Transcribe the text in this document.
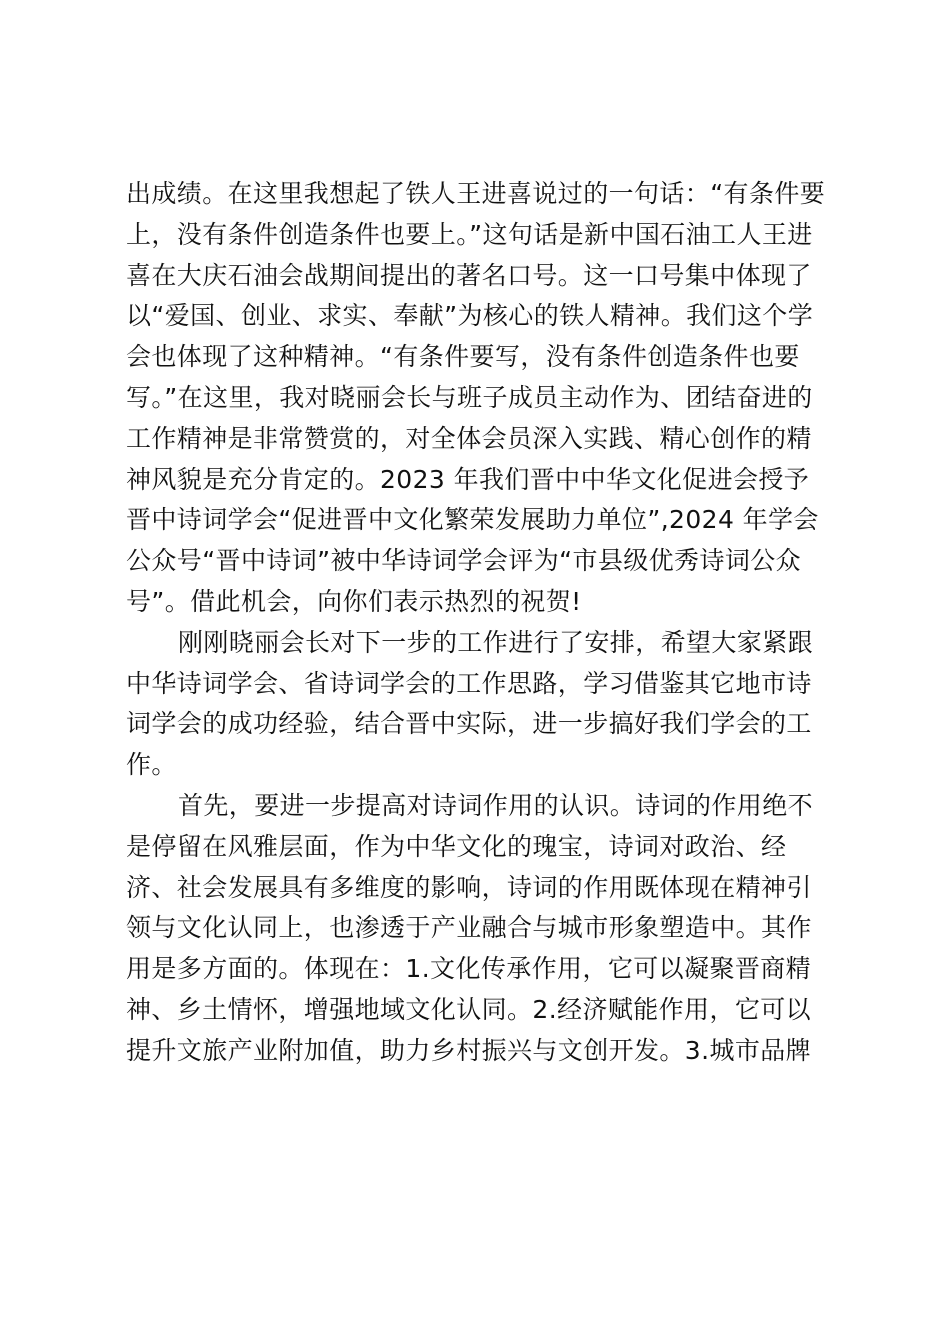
出成绩。在这里我想起了铁人王进喜说过的一句话：“有条件要
上，没有条件创造条件也要上。”这句话是新中国石油工人王进
喜在大庆石油会战期间提出的著名口号。这一口号集中体现了
以“爱国、创业、求实、奉献”为核心的铁人精神。我们这个学
会也体现了这种精神。“有条件要写，没有条件创造条件也要
写。”在这里，我对晓丽会长与班子成员主动作为、团结奋进的
工作精神是非常赞赏的，对全体会员深入实践、精心创作的精
神风貌是充分肯定的。2023 年我们晋中中华文化促进会授予
晋中诗词学会“促进晋中文化繁荣发展助力单位”,2024 年学会
公众号“晋中诗词”被中华诗词学会评为“市县级优秀诗词公众
号”。借此机会，向你们表示热烈的祝贺!
刚刚晓丽会长对下一步的工作进行了安排，希望大家紧跟
中华诗词学会、省诗词学会的工作思路，学习借鉴其它地市诗
词学会的成功经验，结合晋中实际，进一步搞好我们学会的工
作。
首先，要进一步提高对诗词作用的认识。诗词的作用绝不
是停留在风雅层面，作为中华文化的瑰宝，诗词对政治、经
济、社会发展具有多维度的影响，诗词的作用既体现在精神引
领与文化认同上，也渗透于产业融合与城市形象塑造中。其作
用是多方面的。体现在：1.文化传承作用，它可以凝聚晋商精
神、乡土情怀，增强地域文化认同。2.经济赋能作用，它可以
提升文旅产业附加值，助力乡村振兴与文创开发。3.城市品牌
